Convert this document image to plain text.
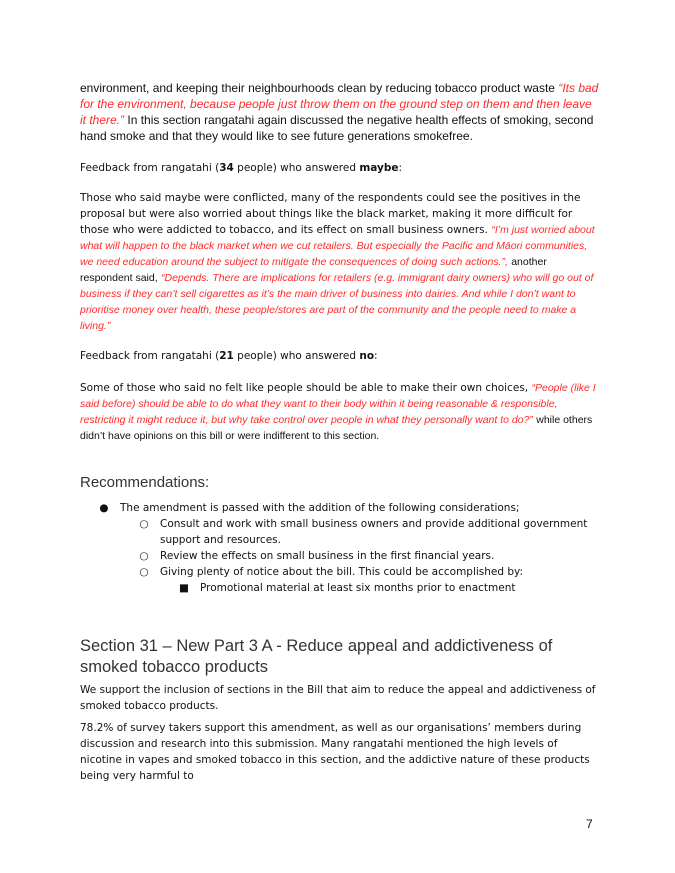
environment, and keeping their neighbourhoods clean by reducing tobacco product waste “Its bad for the environment, because people just throw them on the ground step on them and then leave it there.” In this section rangatahi again discussed the negative health effects of smoking, second hand smoke and that they would like to see future generations smokefree.
Feedback from rangatahi (34 people) who answered maybe:
Those who said maybe were conflicted, many of the respondents could see the positives in the proposal but were also worried about things like the black market, making it more difficult for those who were addicted to tobacco, and its effect on small business owners. “I’m just worried about what will happen to the black market when we cut retailers. But especially the Pacific and Māori communities, we need education around the subject to mitigate the consequences of doing such actions.”, another respondent said, “Depends. There are implications for retailers (e.g. immigrant dairy owners) who will go out of business if they can’t sell cigarettes as it’s the main driver of business into dairies. And while I don’t want to prioritise money over health, these people/stores are part of the community and the people need to make a living.”
Feedback from rangatahi (21 people) who answered no:
Some of those who said no felt like people should be able to make their own choices, “People (like I said before) should be able to do what they want to their body within it being reasonable & responsible, restricting it might reduce it, but why take control over people in what they personally want to do?” while others didn’t have opinions on this bill or were indifferent to this section.
Recommendations:
●	The amendment is passed with the addition of the following considerations;
○	Consult and work with small business owners and provide additional government support and resources.
○	Review the effects on small business in the first financial years.
○	Giving plenty of notice about the bill. This could be accomplished by:
■ Promotional material at least six months prior to enactment
Section 31 – New Part 3 A - Reduce appeal and addictiveness of smoked tobacco products
We support the inclusion of sections in the Bill that aim to reduce the appeal and addictiveness of smoked tobacco products.
78.2% of survey takers support this amendment, as well as our organisations’ members during discussion and research into this submission. Many rangatahi mentioned the high levels of nicotine in vapes and smoked tobacco in this section, and the addictive nature of these products being very harmful to
7
